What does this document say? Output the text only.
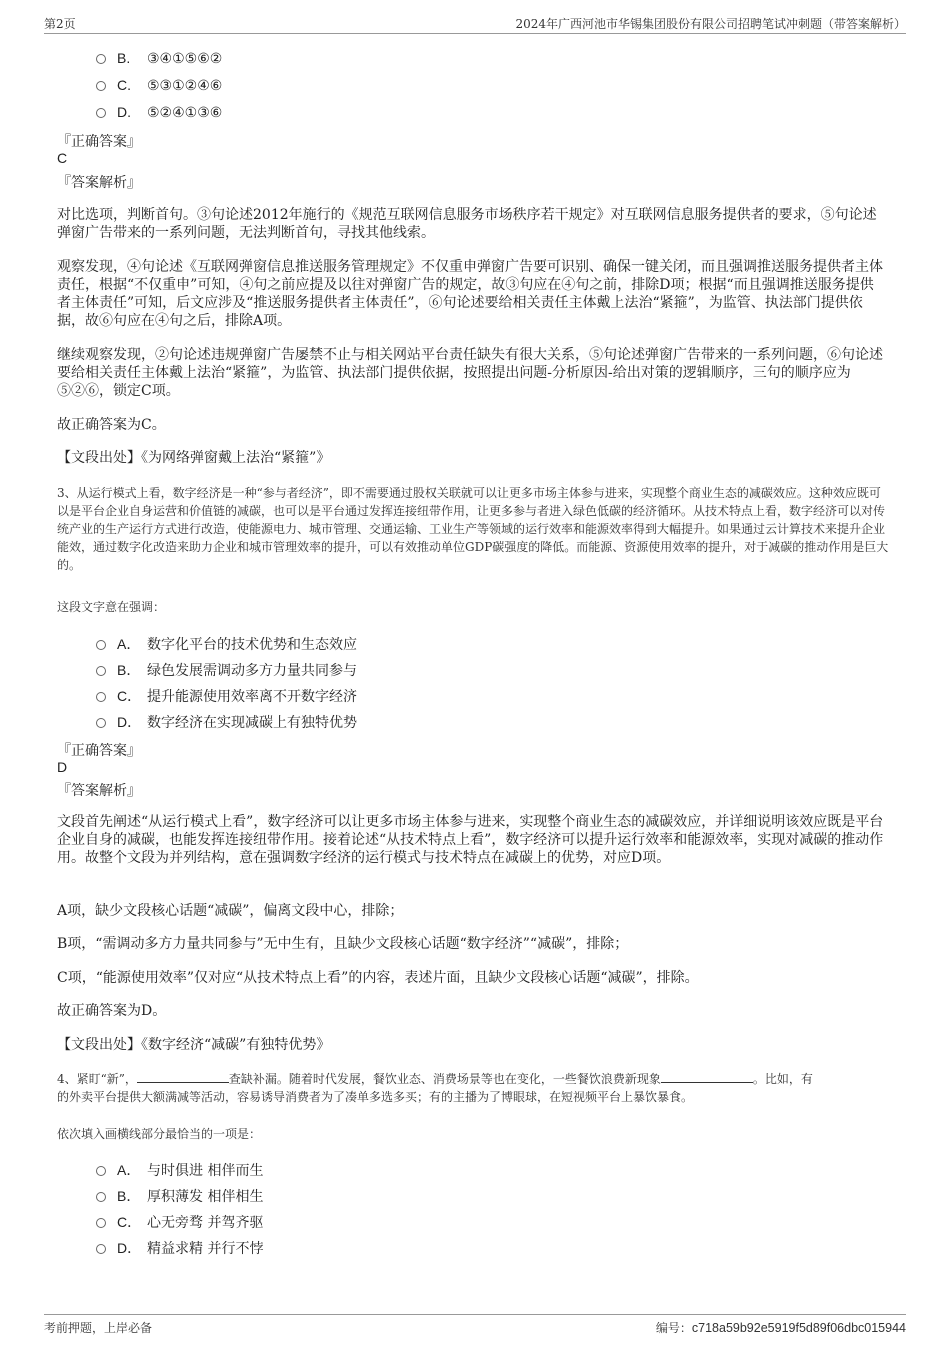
第2页	2024年广西河池市华锡集团股份有限公司招聘笔试冲刺题（带答案解析）
B. ③④①⑤⑥②
C. ⑤③①②④⑥
D. ⑤②④①③⑥
『正确答案』
C
『答案解析』
对比选项，判断首句。③句论述2012年施行的《规范互联网信息服务市场秩序若干规定》对互联网信息服务提供者的要求，⑤句论述弹窗广告带来的一系列问题，无法判断首句，寻找其他线索。
观察发现，④句论述《互联网弹窗信息推送服务管理规定》不仅重申弹窗广告要可识别、确保一键关闭，而且强调推送服务提供者主体责任，根据“不仅重申”可知，④句之前应提及以往对弹窗广告的规定，故③句应在④句之前，排除D项；根据“而且强调推送服务提供者主体责任”可知，后文应涉及“推送服务提供者主体责任”，⑥句论述要给相关责任主体戴上法治“紧箍”，为监管、执法部门提供依据，故⑥句应在④句之后，排除A项。
继续观察发现，②句论述违规弹窗广告屡禁不止与相关网站平台责任缺失有很大关系，⑤句论述弹窗广告带来的一系列问题，⑥句论述要给相关责任主体戴上法治“紧箍”，为监管、执法部门提供依据，按照提出问题-分析原因-给出对策的逻辑顺序，三句的顺序应为⑤②⑥，锁定C项。
故正确答案为C。
【文段出处】《为网络弹窗戴上法治“紧箍”》
3、从运行模式上看，数字经济是一种“参与者经济”，即不需要通过股权关联就可以让更多市场主体参与进来，实现整个商业生态的减碳效应。这种效应既可以是平台企业自身运营和价值链的减碳，也可以是平台通过发挥连接纽带作用，让更多参与者进入绿色低碳的经济循环。从技术特点上看，数字经济可以对传统产业的生产运行方式进行改造，使能源电力、城市管理、交通运输、工业生产等领域的运行效率和能源效率得到大幅提升。如果通过云计算技术来提升企业能效，通过数字化改造来助力企业和城市管理效率的提升，可以有效推动单位GDP碳强度的降低。而能源、资源使用效率的提升，对于减碳的推动作用是巨大的。
这段文字意在强调：
A． 数字化平台的技术优势和生态效应
B． 绿色发展需调动多方力量共同参与
C． 提升能源使用效率离不开数字经济
D． 数字经济在实现减碳上有独特优势
『正确答案』
D
『答案解析』
文段首先阐述“从运行模式上看”，数字经济可以让更多市场主体参与进来，实现整个商业生态的减碳效应，并详细说明该效应既是平台企业自身的减碳，也能发挥连接纽带作用。接着论述“从技术特点上看”，数字经济可以提升运行效率和能源效率，实现对减碳的推动作用。故整个文段为并列结构，意在强调数字经济的运行模式与技术特点在减碳上的优势，对应D项。
A项，缺少文段核心话题“减碳”，偏离文段中心，排除；
B项，“需调动多方力量共同参与”无中生有，且缺少文段核心话题“数字经济”“减碳”，排除；
C项，“能源使用效率”仅对应“从技术特点上看”的内容，表述片面，且缺少文段核心话题“减碳”，排除。
故正确答案为D。
【文段出处】《数字经济“减碳”有独特优势》
4、紧盯“新”，	查缺补漏。随着时代发展，餐饮业态、消费场景等也在变化，一些餐饮浪费新现象	。比如，有
的外卖平台提供大额满减等活动，容易诱导消费者为了凑单多选多买；有的主播为了博眼球，在短视频平台上暴饮暴食。
依次填入画横线部分最恰当的一项是：
A． 与时俱进 相伴而生
B． 厚积薄发 相伴相生
C． 心无旁骛 并驾齐驱
D． 精益求精 并行不悖
考前押题，上岸必备	编号：c718a59b92e5919f5d89f06dbc015944
